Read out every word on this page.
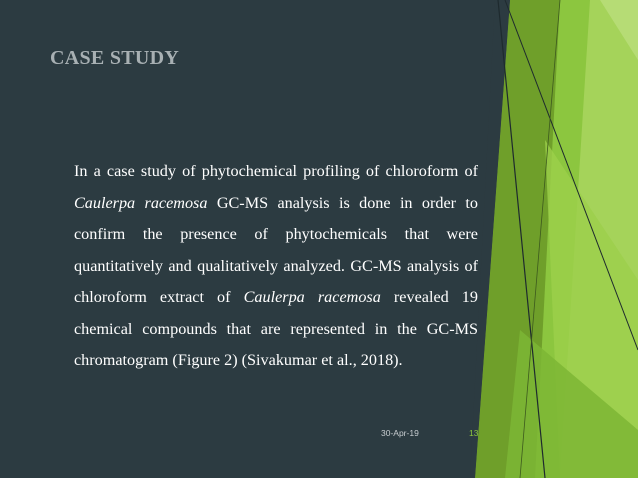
CASE STUDY

In a case study of phytochemical profiling of chloroform of Caulerpa racemosa GC-MS analysis is done in order to confirm the presence of phytochemicals that were quantitatively and qualitatively analyzed. GC-MS analysis of chloroform extract of Caulerpa racemosa revealed 19 chemical compounds that are represented in the GC-MS chromatogram (Figure 2) (Sivakumar et al., 2018).

30-Apr-19	13
